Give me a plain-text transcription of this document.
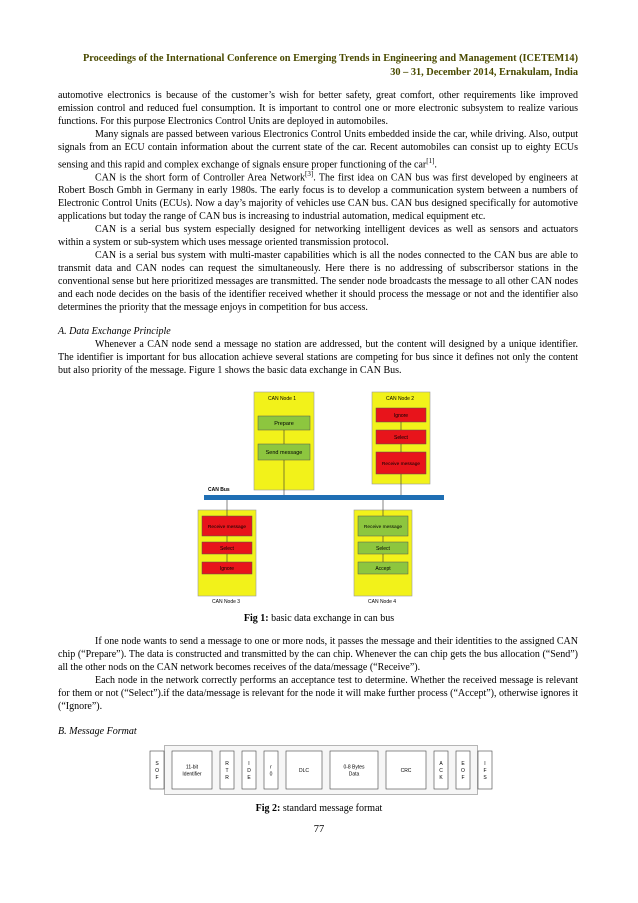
Proceedings of the International Conference on Emerging Trends in Engineering and Management (ICETEM14)
30 – 31, December 2014, Ernakulam, India

automotive electronics is because of the customer’s wish for better safety, great comfort, other requirements like improved emission control and reduced fuel consumption. It is important to control one or more electronic subsystem to realize various functions. For this purpose Electronics Control Units are deployed in automobiles.

Many signals are passed between various Electronics Control Units embedded inside the car, while driving. Also, output signals from an ECU contain information about the current state of the car. Recent automobiles can consist up to eighty ECUs sensing and this rapid and complex exchange of signals ensure proper functioning of the car[1].

CAN is the short form of Controller Area Network[3]. The first idea on CAN bus was first developed by engineers at Robert Bosch Gmbh in Germany in early 1980s. The early focus is to develop a communication system between a numbers of Electronic Control Units (ECUs). Now a day’s majority of vehicles use CAN bus. CAN bus designed specifically for automotive applications but today the range of CAN bus is increasing to industrial automation, medical equipment etc.

CAN is a serial bus system especially designed for networking intelligent devices as well as sensors and actuators within a system or sub-system which uses message oriented transmission protocol.

CAN is a serial bus system with multi-master capabilities which is all the nodes connected to the CAN bus are able to transmit data and CAN nodes can request the simultaneously. Here there is no addressing of subscribersor stations in the conventional sense but here prioritized messages are transmitted. The sender node broadcasts the message to all other CAN nodes and each node decides on the basis of the identifier received whether it should process the message or not and the identifier also determines the priority that the message enjoys in competition for bus access.

A. Data Exchange Principle

Whenever a CAN node send a message no station are addressed, but the content will designed by a unique identifier. The identifier is important for bus allocation achieve several stations are competing for bus since it defines not only the content but also priority of the message. Figure 1 shows the basic data exchange in CAN Bus.

CAN Node 1
Prepare
Send message
CAN Node 2
Ignore
Select
Receive message
CAN Bus
Receive message
Select
Ignore
CAN Node 3
Receive message
Select
Accept
CAN Node 4
Fig 1: basic data exchange in can bus

If one node wants to send a message to one or more nods, it passes the message and their identities to the assigned CAN chip (“Prepare”). The data is constructed and transmitted by the can chip. Whenever the can chip gets the bus allocation (“Send”) all the other nods on the CAN network becomes receives of the data/message (“Receive”).

Each node in the network correctly performs an acceptance test to determine. Whether the received message is relevant for them or not (“Select”).if the data/message is relevant for the node it will make further process (“Accept”), otherwise ignores it (“Ignore”).

B. Message Format
S
O
F
11-bit
Identifier
R
T
R
I
D
E
r
0
DLC
0-8 Bytes
Data
CRC
A
C
K
E
O
F
I
F
S
Fig 2: standard message format
77
